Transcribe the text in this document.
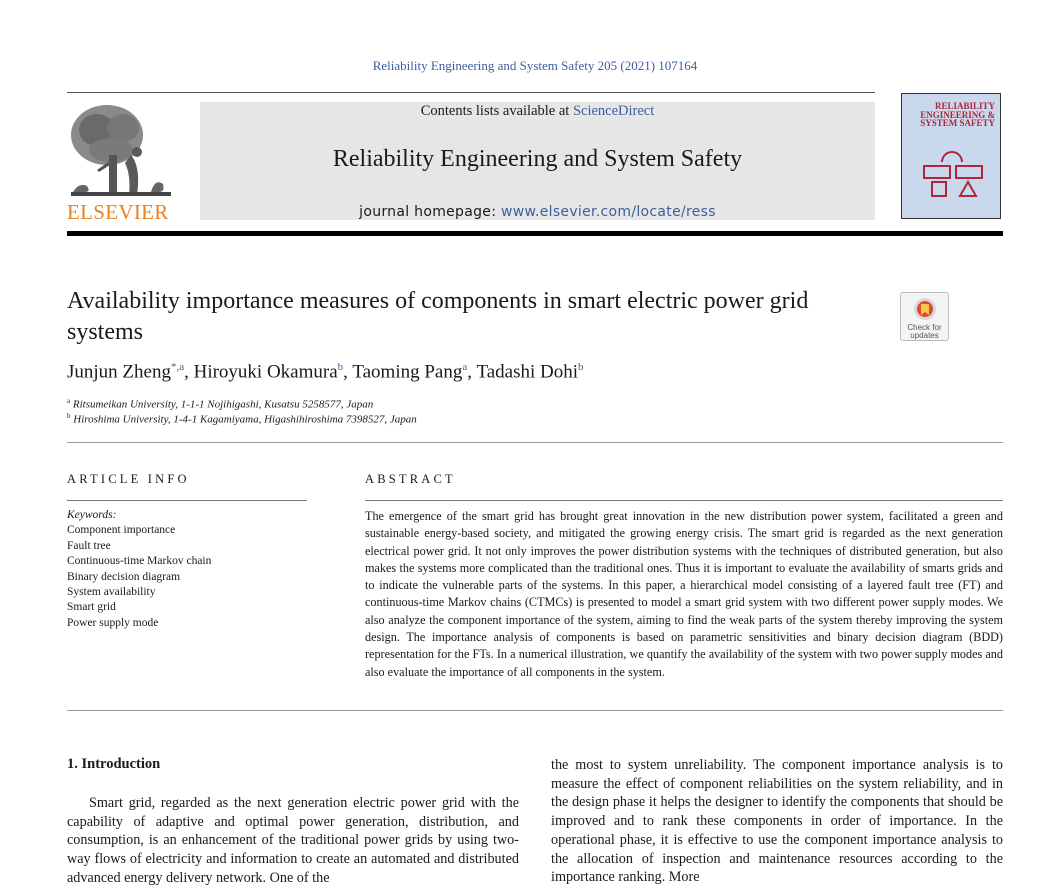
Reliability Engineering and System Safety 205 (2021) 107164
ELSEVIER
Contents lists available at ScienceDirect
Reliability Engineering and System Safety
journal homepage: www.elsevier.com/locate/ress
RELIABILITY ENGINEERING & SYSTEM SAFETY
Availability importance measures of components in smart electric power grid systems	Check for updates
Junjun Zheng$^{*,a}$, Hiroyuki Okamura$^b$, Taoming Pang$^a$, Tadashi Dohi$^b$
$^a$ Ritsumeikan University, 1-1-1 Nojihigashi, Kusatsu 5258577, Japan
$^b$ Hiroshima University, 1-4-1 Kagamiyama, Higashihiroshima 7398527, Japan
ARTICLE INFO	ABSTRACT
Keywords:
Component importance
Fault tree
Continuous-time Markov chain
Binary decision diagram
System availability
Smart grid
Power supply mode
The emergence of the smart grid has brought great innovation in the new distribution power system, facilitated a green and sustainable energy-based society, and mitigated the growing energy crisis. The smart grid is regarded as the next generation electrical power grid. It not only improves the power distribution systems with the techniques of distributed generation, but also makes the systems more complicated than the traditional ones. Thus it is important to evaluate the availability of smarts grids and to indicate the vulnerable parts of the systems. In this paper, a hierarchical model consisting of a layered fault tree (FT) and continuous-time Markov chains (CTMCs) is presented to model a smart grid system with two different power supply modes. We also analyze the component importance of the system, aiming to find the weak parts of the system thereby improving the system design. The importance analysis of components is based on parametric sensitivities and binary decision diagram (BDD) representation for the FTs. In a numerical illustration, we quantify the availability of the system with two power supply modes and also evaluate the importance of all components in the system.
1. Introduction
Smart grid, regarded as the next generation electric power grid with the capability of adaptive and optimal power generation, distribution, and consumption, is an enhancement of the traditional power grids by using two-way flows of electricity and information to create an automated and distributed advanced energy delivery network. One of the
the most to system unreliability. The component importance analysis is to measure the effect of component reliabilities on the system reliability, and in the design phase it helps the designer to identify the components that should be improved and to rank these components in order of importance. In the operational phase, it is effective to use the component importance analysis to the allocation of inspection and maintenance resources according to the importance ranking. More
